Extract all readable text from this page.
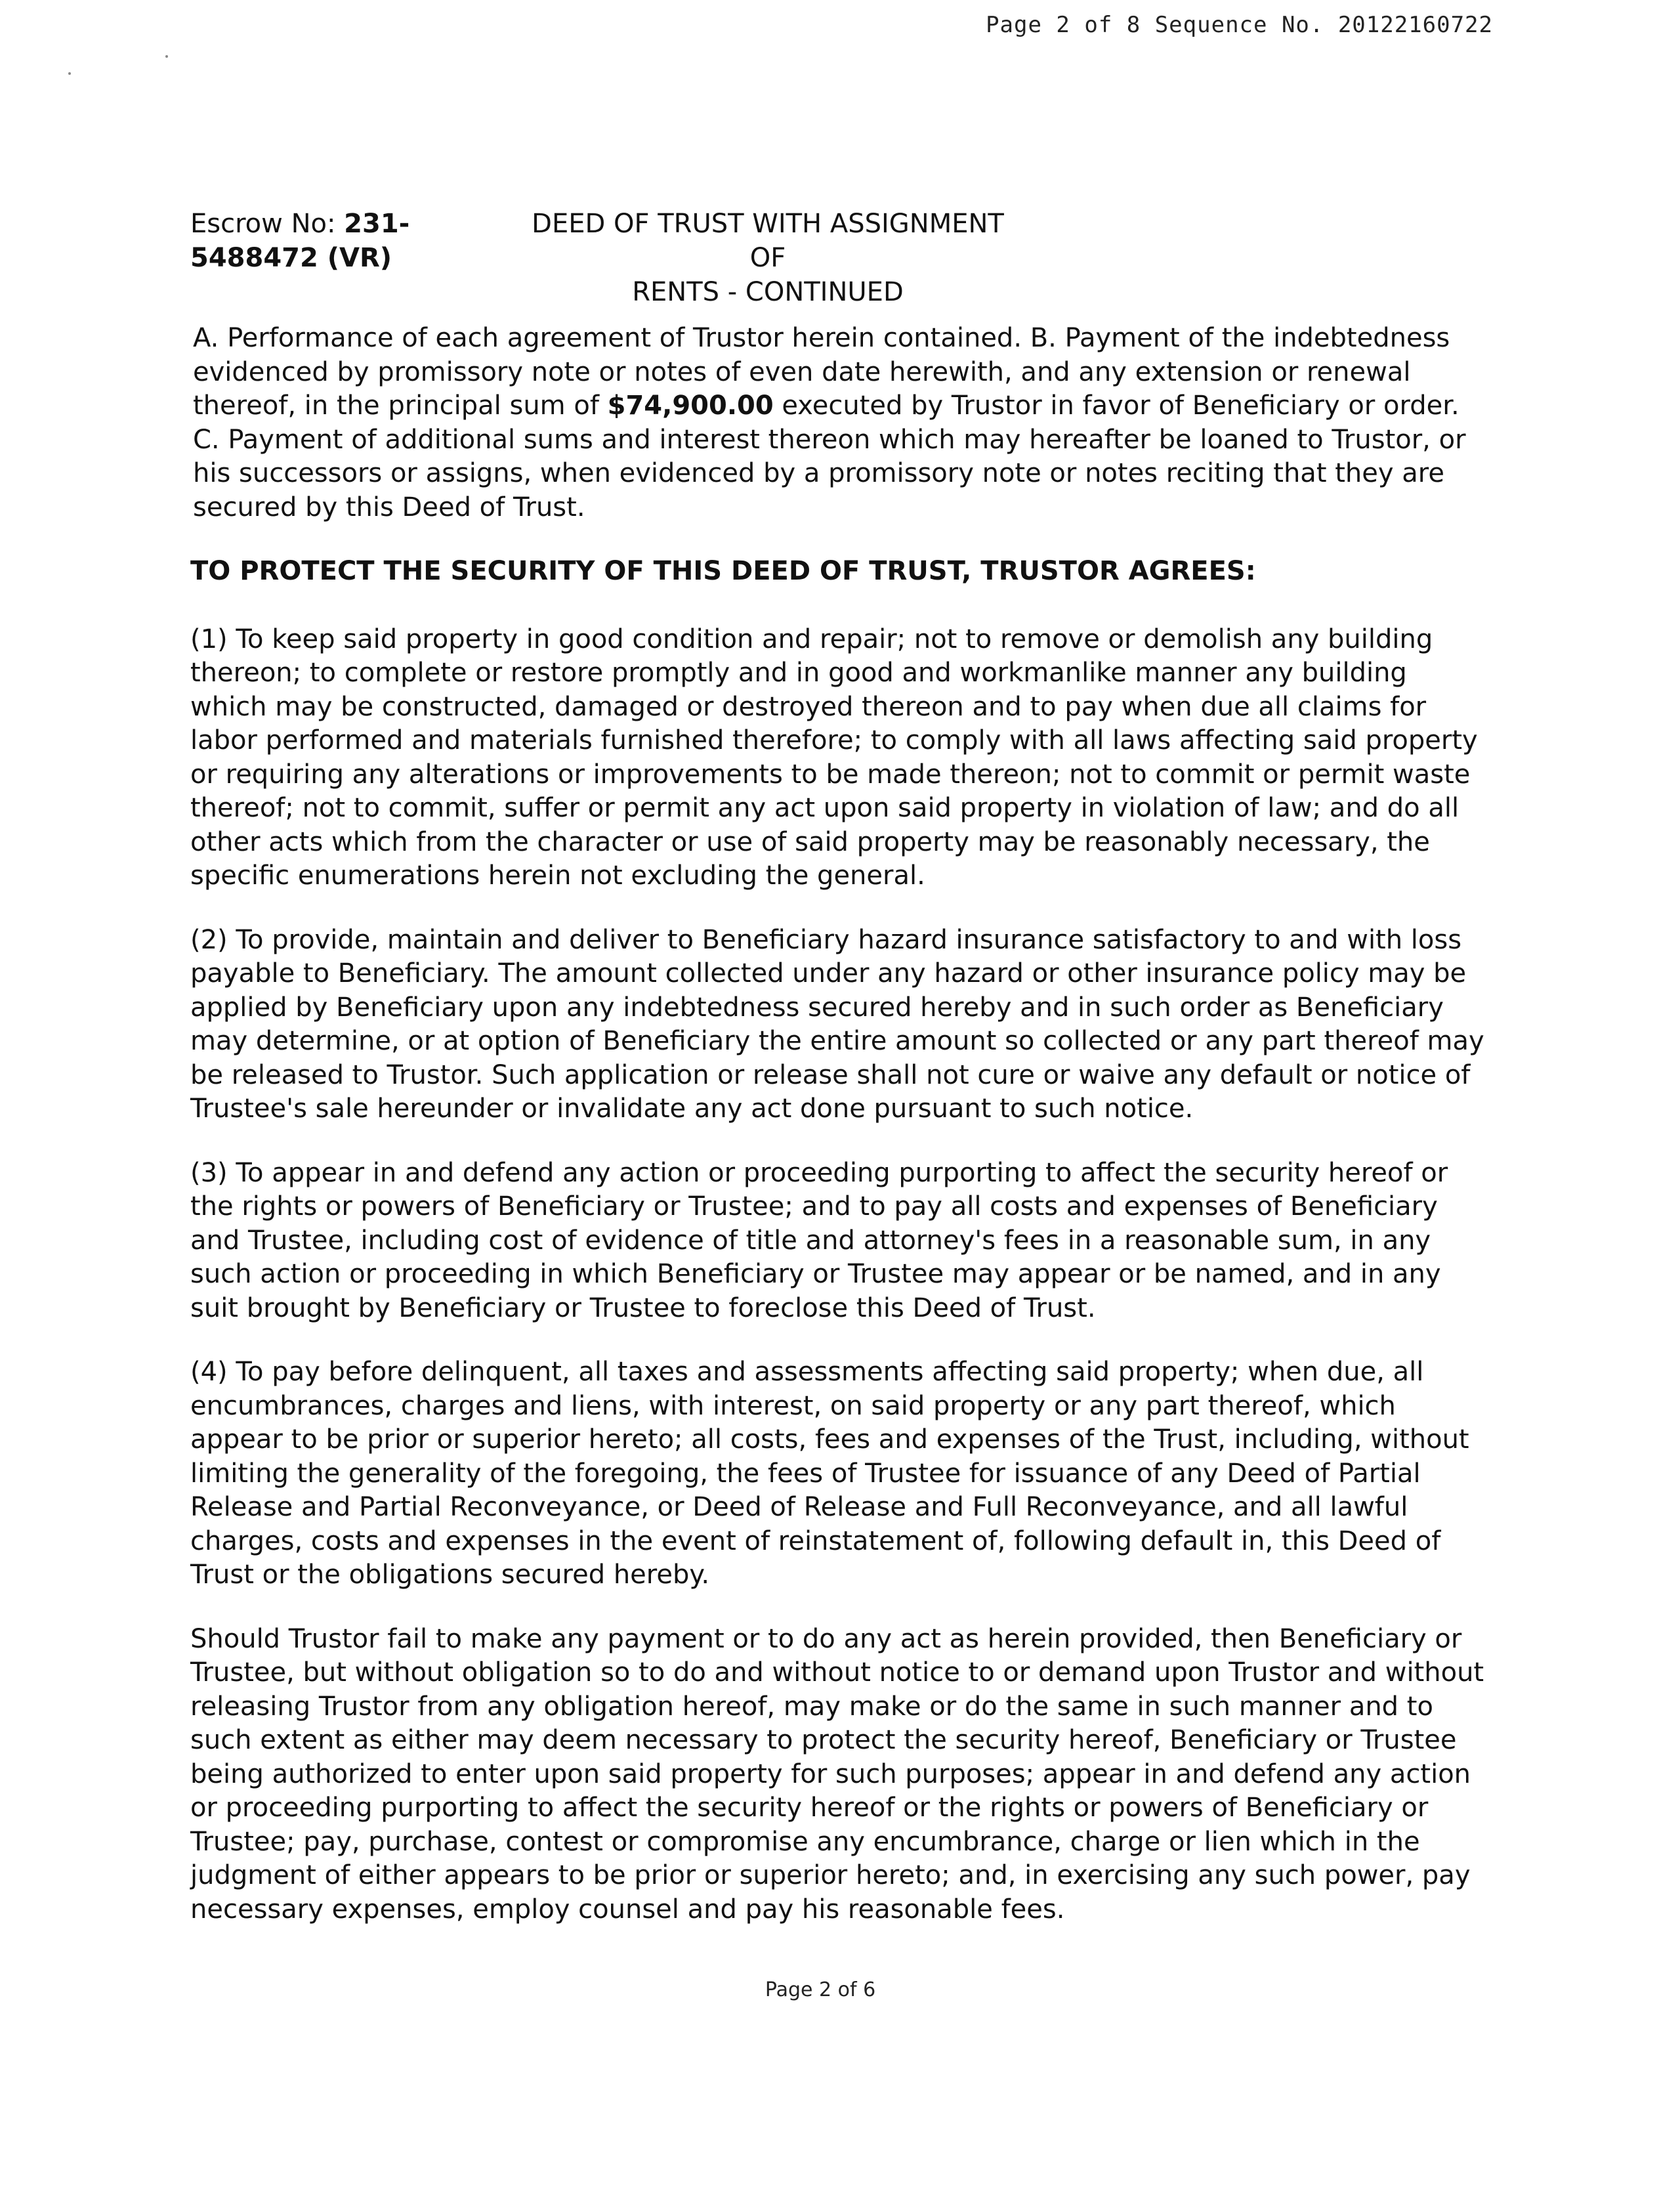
Page 2 of 8 Sequence No. 20122160722
Escrow No: 231-
5488472 (VR)
DEED OF TRUST WITH ASSIGNMENT OF
RENTS - CONTINUED

A. Performance of each agreement of Trustor herein contained. B. Payment of the indebtedness evidenced by promissory note or notes of even date herewith, and any extension or renewal thereof, in the principal sum of $74,900.00 executed by Trustor in favor of Beneficiary or order. C. Payment of additional sums and interest thereon which may hereafter be loaned to Trustor, or his successors or assigns, when evidenced by a promissory note or notes reciting that they are secured by this Deed of Trust.

TO PROTECT THE SECURITY OF THIS DEED OF TRUST, TRUSTOR AGREES:

(1) To keep said property in good condition and repair; not to remove or demolish any building thereon; to complete or restore promptly and in good and workmanlike manner any building which may be constructed, damaged or destroyed thereon and to pay when due all claims for labor performed and materials furnished therefore; to comply with all laws affecting said property or requiring any alterations or improvements to be made thereon; not to commit or permit waste thereof; not to commit, suffer or permit any act upon said property in violation of law; and do all other acts which from the character or use of said property may be reasonably necessary, the specific enumerations herein not excluding the general.

(2) To provide, maintain and deliver to Beneficiary hazard insurance satisfactory to and with loss payable to Beneficiary. The amount collected under any hazard or other insurance policy may be applied by Beneficiary upon any indebtedness secured hereby and in such order as Beneficiary may determine, or at option of Beneficiary the entire amount so collected or any part thereof may be released to Trustor. Such application or release shall not cure or waive any default or notice of Trustee's sale hereunder or invalidate any act done pursuant to such notice.

(3) To appear in and defend any action or proceeding purporting to affect the security hereof or the rights or powers of Beneficiary or Trustee; and to pay all costs and expenses of Beneficiary and Trustee, including cost of evidence of title and attorney's fees in a reasonable sum, in any such action or proceeding in which Beneficiary or Trustee may appear or be named, and in any suit brought by Beneficiary or Trustee to foreclose this Deed of Trust.

(4) To pay before delinquent, all taxes and assessments affecting said property; when due, all encumbrances, charges and liens, with interest, on said property or any part thereof, which appear to be prior or superior hereto; all costs, fees and expenses of the Trust, including, without limiting the generality of the foregoing, the fees of Trustee for issuance of any Deed of Partial Release and Partial Reconveyance, or Deed of Release and Full Reconveyance, and all lawful charges, costs and expenses in the event of reinstatement of, following default in, this Deed of Trust or the obligations secured hereby.

Should Trustor fail to make any payment or to do any act as herein provided, then Beneficiary or Trustee, but without obligation so to do and without notice to or demand upon Trustor and without releasing Trustor from any obligation hereof, may make or do the same in such manner and to such extent as either may deem necessary to protect the security hereof, Beneficiary or Trustee being authorized to enter upon said property for such purposes; appear in and defend any action or proceeding purporting to affect the security hereof or the rights or powers of Beneficiary or Trustee; pay, purchase, contest or compromise any encumbrance, charge or lien which in the judgment of either appears to be prior or superior hereto; and, in exercising any such power, pay necessary expenses, employ counsel and pay his reasonable fees.

Page 2 of 6
